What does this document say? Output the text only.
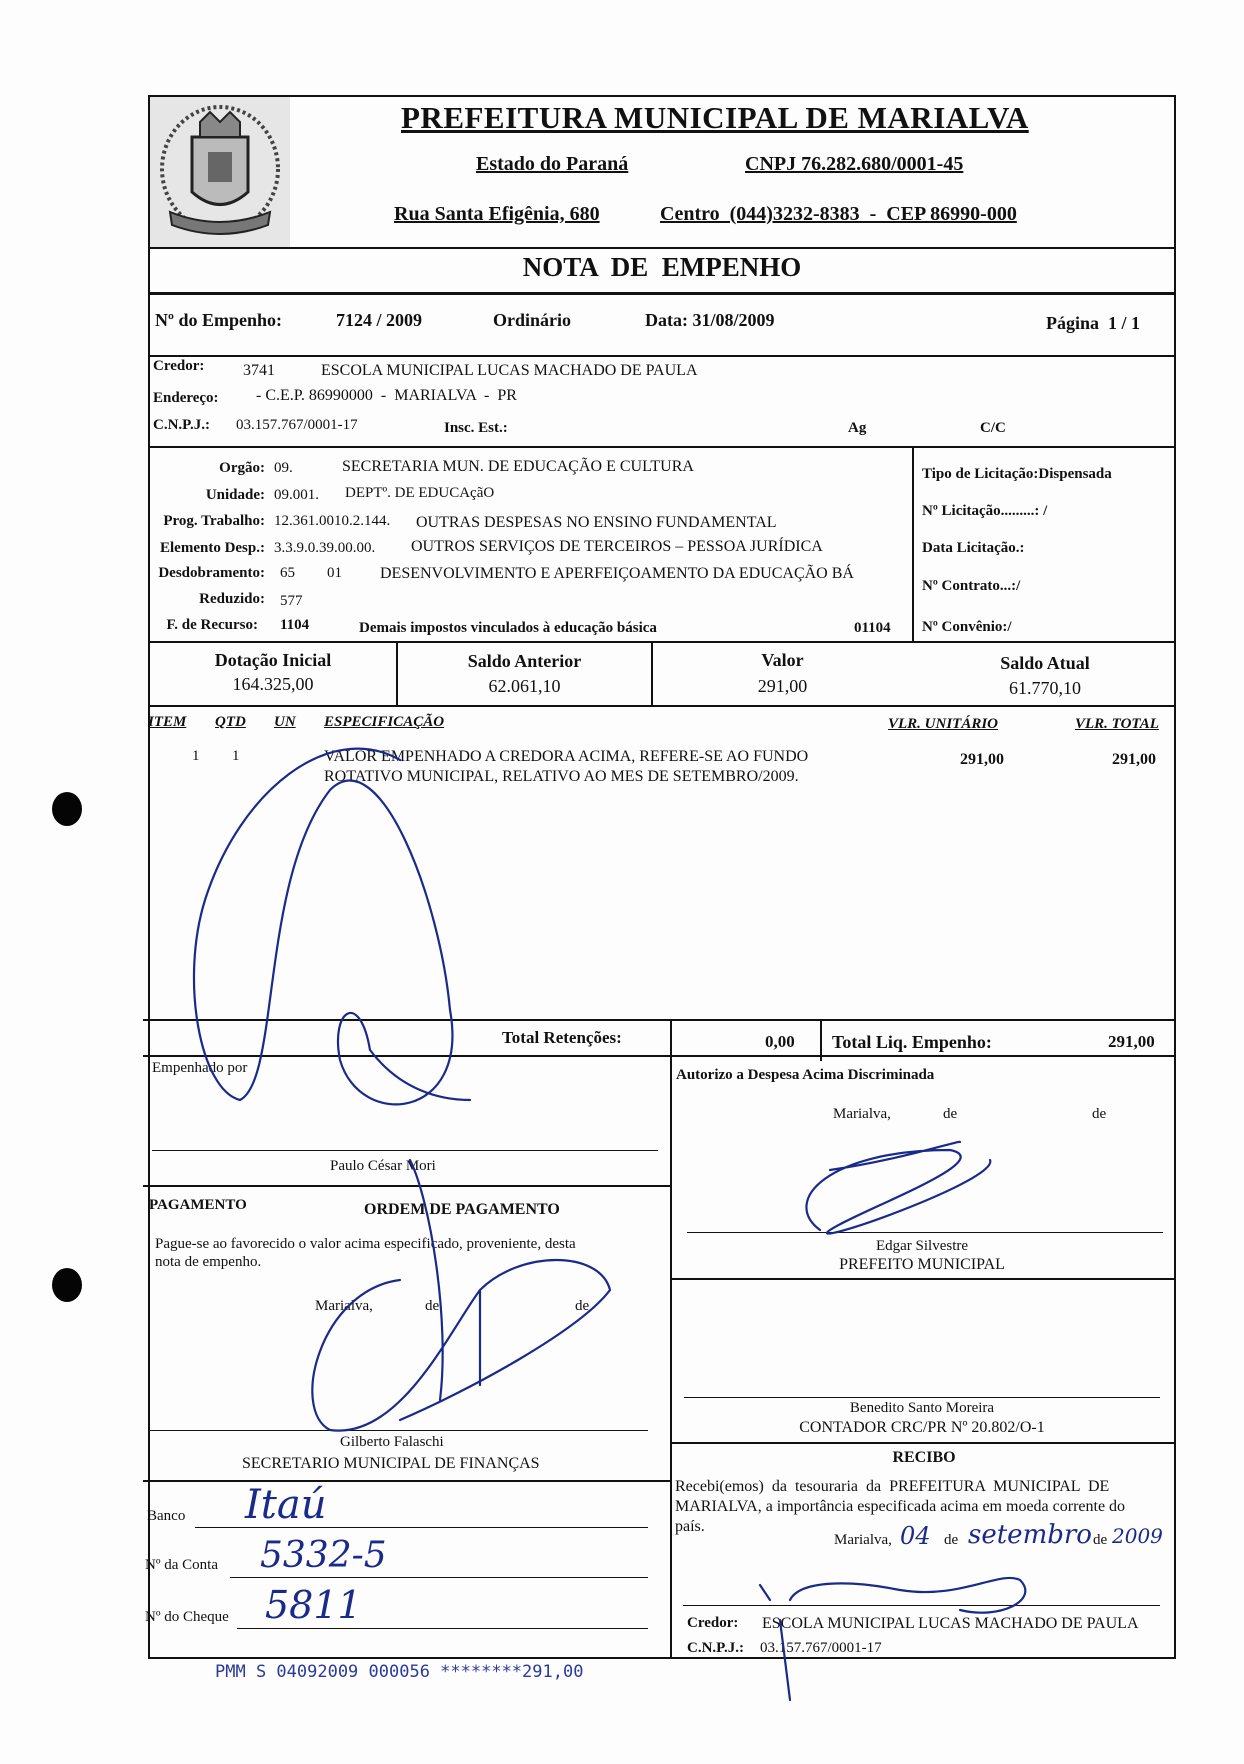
PREFEITURA MUNICIPAL DE MARIALVA
Estado do Paraná	CNPJ 76.282.680/0001-45
Rua Santa Efigênia, 680	Centro  (044)3232-8383  -  CEP 86990-000
NOTA  DE  EMPENHO
Nº do Empenho:	7124 / 2009	Ordinário	Data: 31/08/2009	Página  1 / 1
Credor: 3741	ESCOLA MUNICIPAL LUCAS MACHADO DE PAULA
Endereço: - C.E.P. 86990000  -  MARIALVA  -  PR
C.N.P.J.: 03.157.767/0001-17	Insc. Est.:	Ag	C/C
Orgão: 09.	SECRETARIA MUN. DE EDUCAÇÃO E CULTURA
Unidade: 09.001. DEPTº. DE EDUCAçãO
Prog. Trabalho: 12.361.0010.2.144. OUTRAS DESPESAS NO ENSINO FUNDAMENTAL
Elemento Desp.: 3.3.9.0.39.00.00. OUTROS SERVIÇOS DE TERCEIROS – PESSOA JURÍDICA
Desdobramento: 65 01 DESENVOLVIMENTO E APERFEIÇOAMENTO DA EDUCAÇÃO BÁ
Reduzido: 577
F. de Recurso: 1104	Demais impostos vinculados à educação básica	01104
Tipo de Licitação:Dispensada
Nº Licitação.........: /
Data Licitação.:
Nº Contrato...:/
Nº Convênio:/
Dotação Inicial
164.325,00
Saldo Anterior
62.061,10
Valor
291,00
Saldo Atual
61.770,10
ITEM QTD UN ESPECIFICAÇÃO	VLR. UNITÁRIO	VLR. TOTAL
1 1	VALOR EMPENHADO A CREDORA ACIMA, REFERE-SE AO FUNDO
ROTATIVO MUNICIPAL, RELATIVO AO MES DE SETEMBRO/2009.
291,00	291,00
Total Retenções:	0,00 Total Liq. Empenho:	291,00
Empenhado por
Paulo César Mori
PAGAMENTO	ORDEM DE PAGAMENTO
Pague-se ao favorecido o valor acima especificado, proveniente, desta
nota de empenho.
Marialva,	de	de
Gilberto Falaschi
SECRETARIO MUNICIPAL DE FINANÇAS
Banco Itaú
Nº da Conta 5332-5
Nº do Cheque 5811
Autorizo a Despesa Acima Discriminada
Marialva,	de	de
Edgar Silvestre
PREFEITO MUNICIPAL
Benedito Santo Moreira
CONTADOR CRC/PR Nº 20.802/O-1
RECIBO
Recebi(emos)  da  tesouraria  da  PREFEITURA  MUNICIPAL  DE
MARIALVA, a importância especificada acima em moeda corrente do
país.
Marialva, 04 de setembro de 2009
Credor: ESCOLA MUNICIPAL LUCAS MACHADO DE PAULA
C.N.P.J.: 03.157.767/0001-17
PMM S 04092009 000056 ********291,00
